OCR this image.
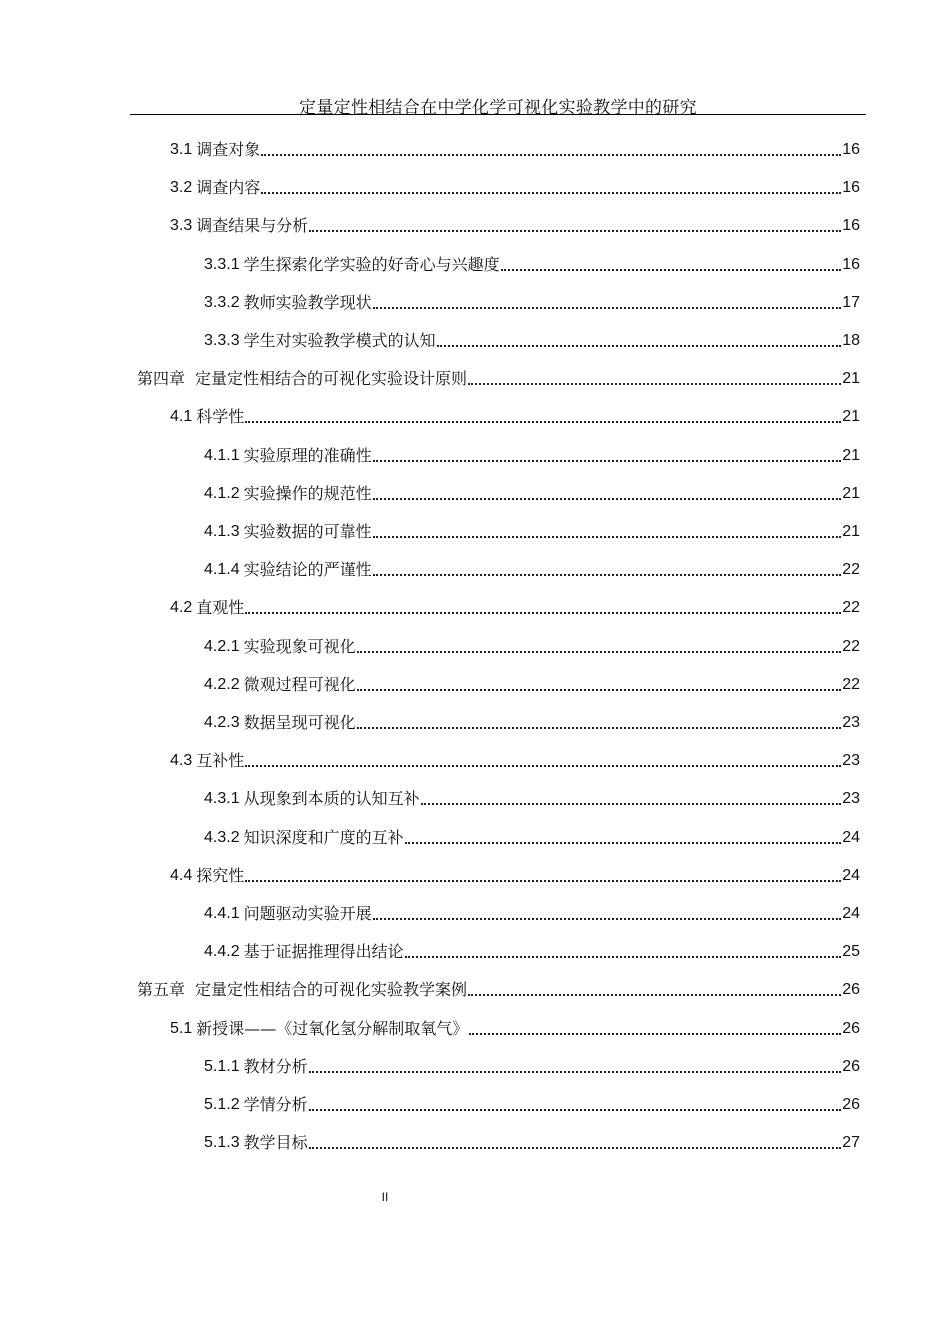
定量定性相结合在中学化学可视化实验教学中的研究
3.1 调查对象	16
3.2 调查内容	16
3.3 调查结果与分析	16
3.3.1 学生探索化学实验的好奇心与兴趣度	16
3.3.2 教师实验教学现状	17
3.3.3 学生对实验教学模式的认知	18
第四章 定量定性相结合的可视化实验设计原则	21
4.1 科学性	21
4.1.1 实验原理的准确性	21
4.1.2 实验操作的规范性	21
4.1.3 实验数据的可靠性	21
4.1.4 实验结论的严谨性	22
4.2 直观性	22
4.2.1 实验现象可视化	22
4.2.2 微观过程可视化	22
4.2.3 数据呈现可视化	23
4.3 互补性	23
4.3.1 从现象到本质的认知互补	23
4.3.2 知识深度和广度的互补	24
4.4 探究性	24
4.4.1 问题驱动实验开展	24
4.4.2 基于证据推理得出结论	25
第五章 定量定性相结合的可视化实验教学案例	26
5.1 新授课——《过氧化氢分解制取氧气》	26
5.1.1 教材分析	26
5.1.2 学情分析	26
5.1.3 教学目标	27
II
